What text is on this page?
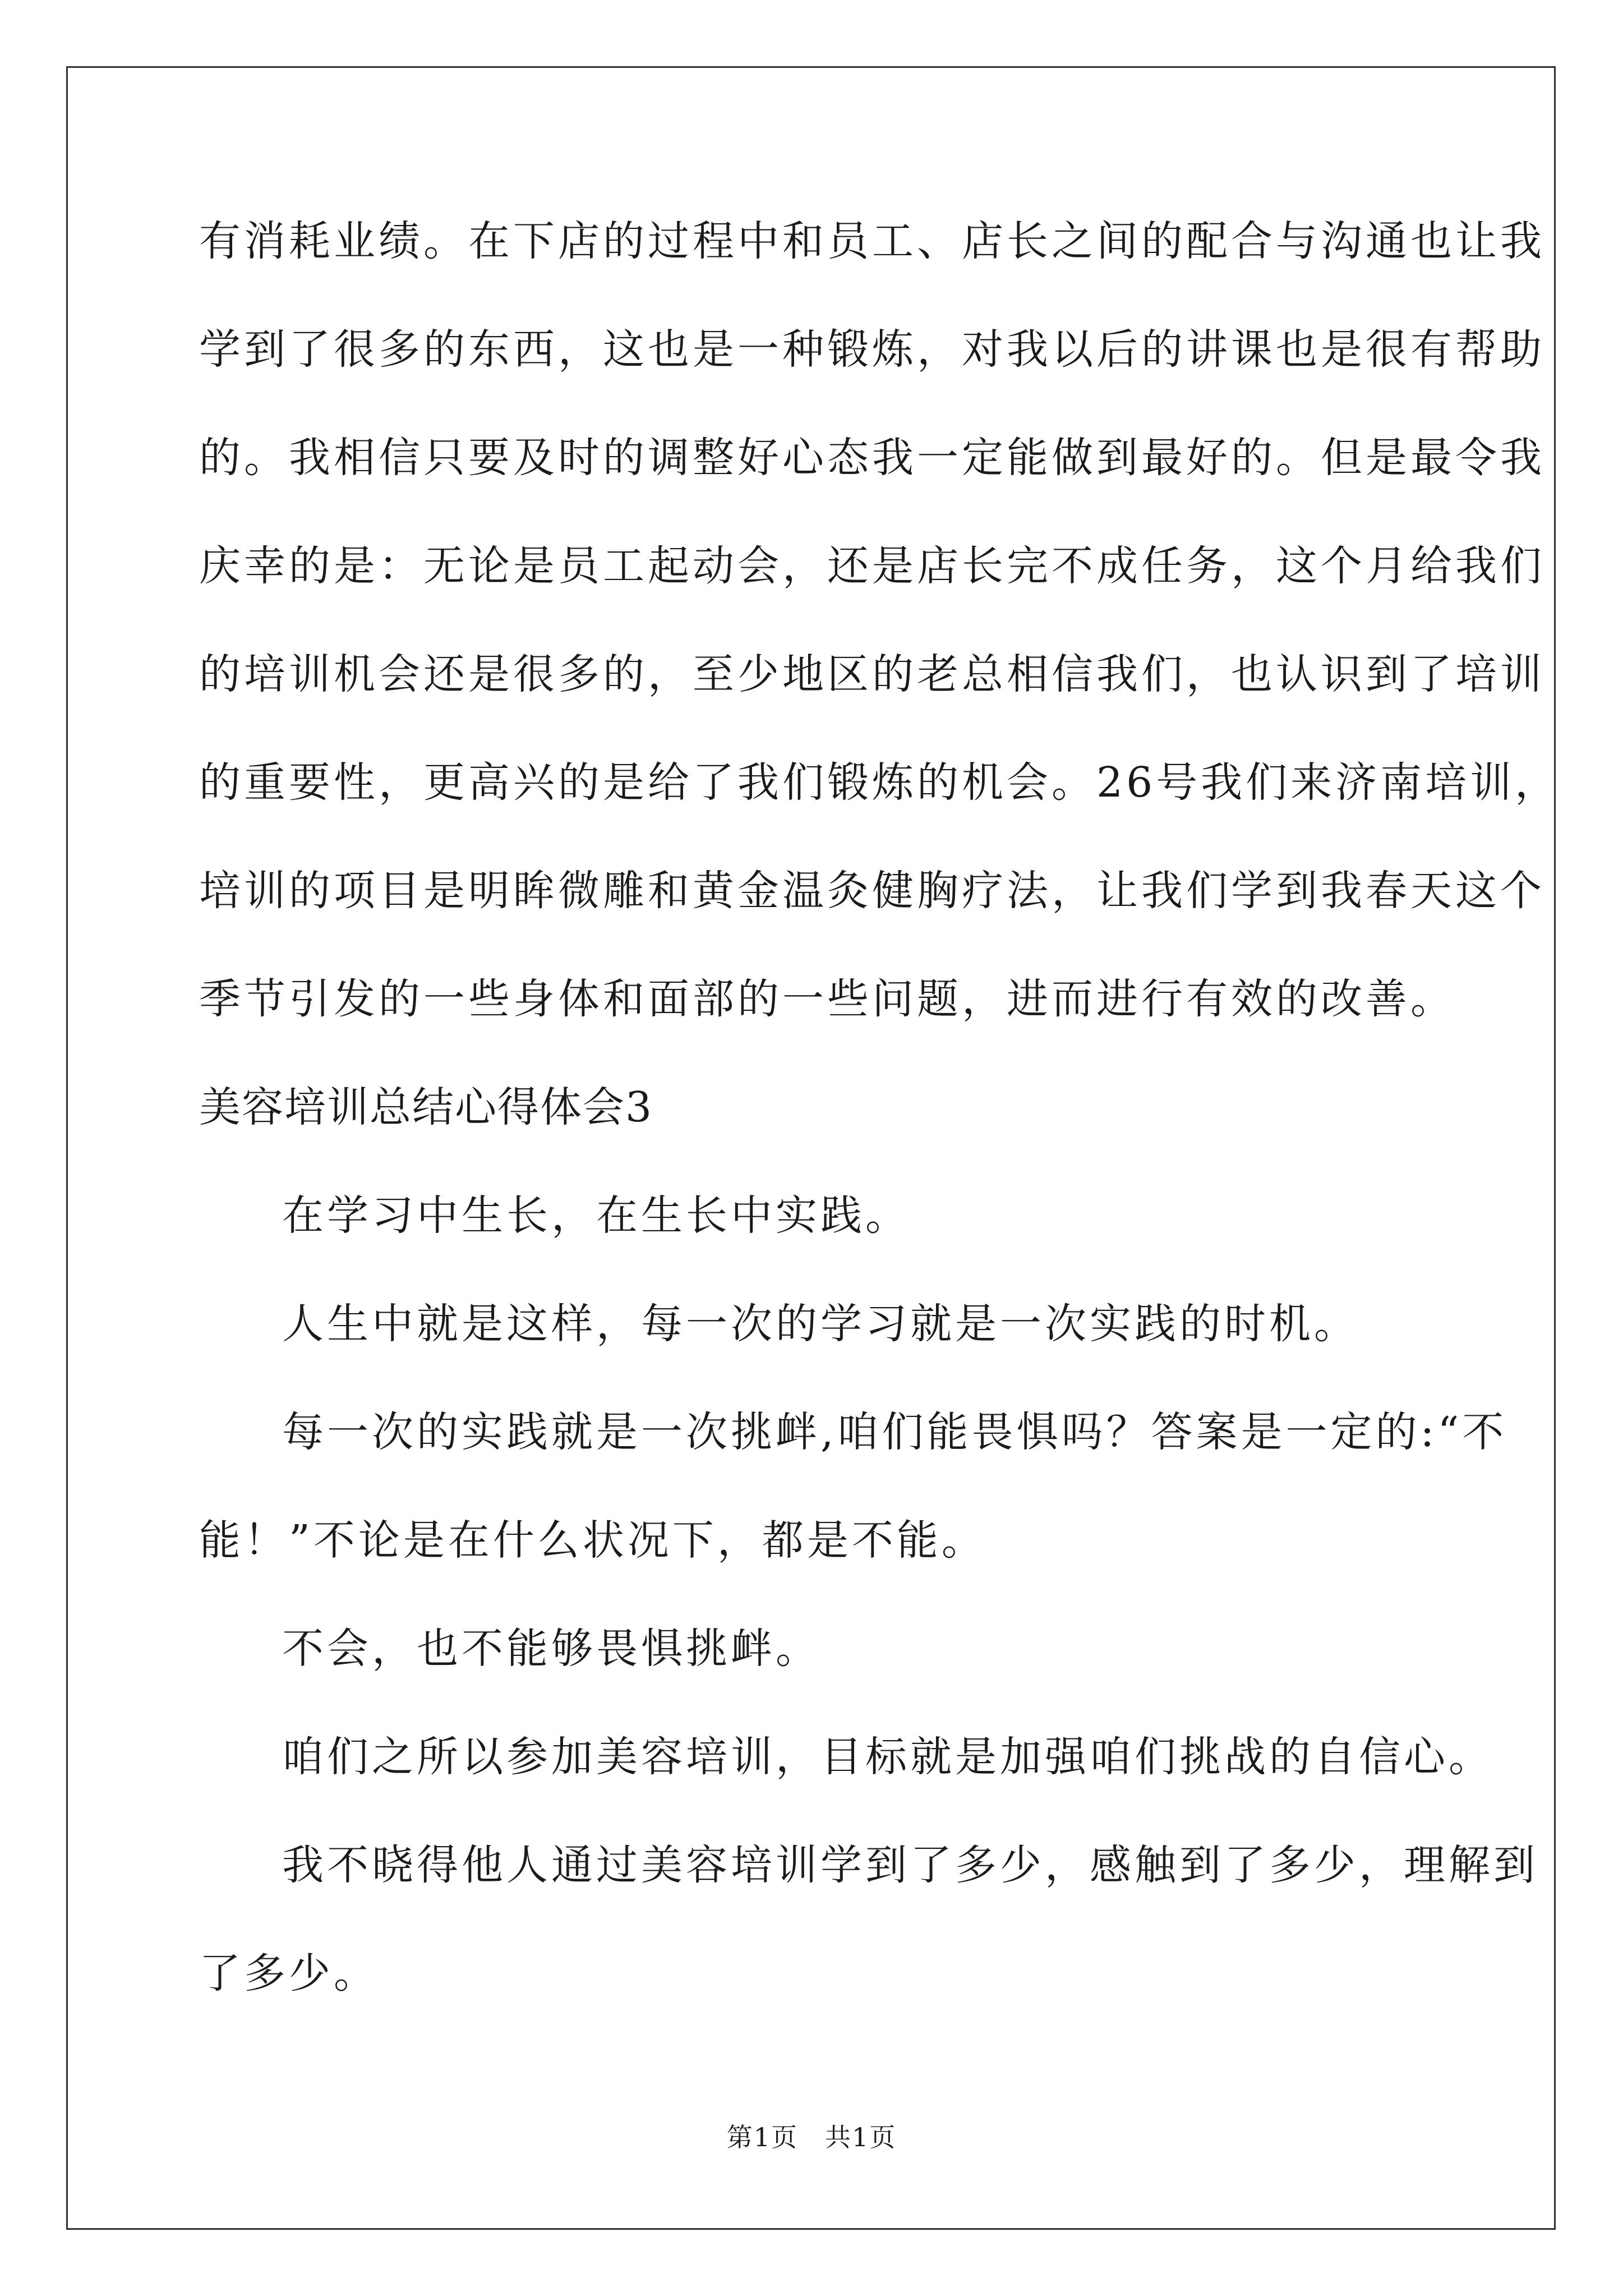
有消耗业绩。在下店的过程中和员工、店长之间的配合与沟通也让我
学到了很多的东西，这也是一种锻炼，对我以后的讲课也是很有帮助
的。我相信只要及时的调整好心态我一定能做到最好的。但是最令我
庆幸的是：无论是员工起动会，还是店长完不成任务，这个月给我们
的培训机会还是很多的，至少地区的老总相信我们，也认识到了培训
的重要性，更高兴的是给了我们锻炼的机会。26号我们来济南培训，
培训的项目是明眸微雕和黄金温灸健胸疗法，让我们学到我春天这个
季节引发的一些身体和面部的一些问题，进而进行有效的改善。
美容培训总结心得体会3
在学习中生长，在生长中实践。
人生中就是这样，每一次的学习就是一次实践的时机。
每一次的实践就是一次挑衅,咱们能畏惧吗？答案是一定的:“不
能！”不论是在什么状况下，都是不能。
不会，也不能够畏惧挑衅。
咱们之所以参加美容培训，目标就是加强咱们挑战的自信心。
我不晓得他人通过美容培训学到了多少，感触到了多少，理解到
了多少。
第1页　共1页
